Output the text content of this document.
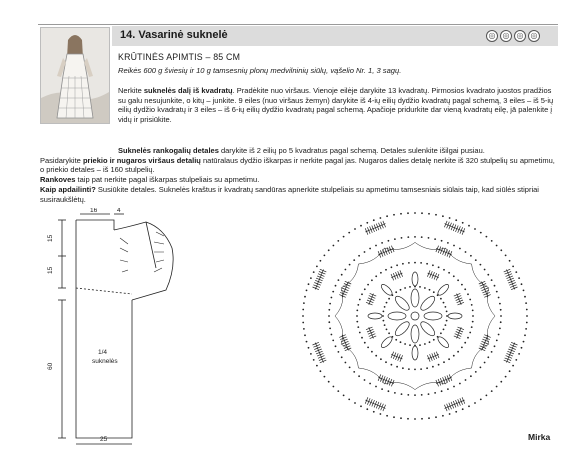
14. Vasarinė suknelė	◎ ◎ ◎ ◎
KRŪTINĖS APIMTIS – 85 CM
Reikės 600 g šviesių ir 10 g tamsesnių plonų medvilninių siūlų, vąšelio Nr. 1, 3 sagų.

Nerkite suknelės dalį iš kvadratų. Pradėkite nuo viršaus. Vienoje eilėje darykite 13 kvadratų. Pirmosios kvadrato juostos pradžios su galu nesujunkite, o kitų – junkite. 9 eiles (nuo viršaus žemyn) darykite iš 4-ių eilių dydžio kvadratų pagal schemą, 3 eiles – iš 5-ių eilių dydžio kvadratų ir 3 eiles – iš 6-ių eilių dydžio kvadratų pagal schemą. Apačioje pridurkite dar vieną kvadratų eilę, jā palenkite į vidų ir prisiūkite.

Suknelės rankogalių detales darykite iš 2 eilių po 5 kvadratus pagal schemą. Detales sulenkite išilgai pusiau.

Pasidarykite priekio ir nugaros viršaus detalių natūralaus dydžio iškarpas ir nerkite pagal jas. Nugaros dalies detalę nerkite iš 320 stulpelių su apmetimu, o priekio detales – iš 160 stulpelių.

Rankoves taip pat nerkite pagal iškarpas stulpeliais su apmetimu.

Kaip apdailinti? Susiūkite detales. Suknelės kraštus ir kvadratų sandūras apnerkite stulpeliais su apmetimu tamsesniais siūlais taip, kad siūlės stipriai susiraukšlėtų.

16	4
15
15
60
25
1/4
suknelės
Mirka
